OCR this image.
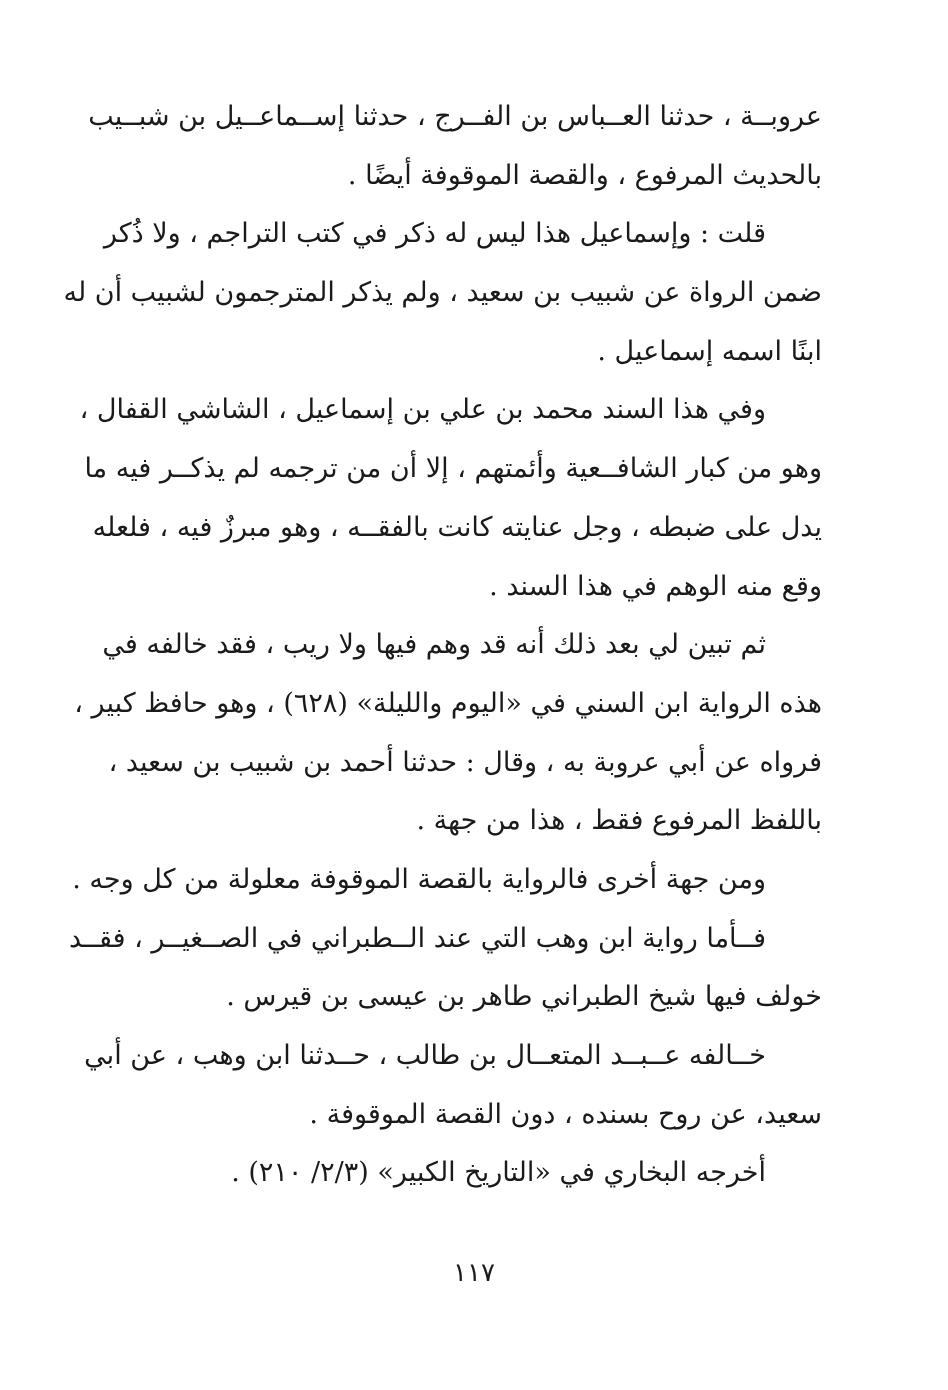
عروبــة ، حدثنا العــباس بن الفــرج ، حدثنا إســماعــيل بن شبــيب
بالحديث المرفوع ، والقصة الموقوفة أيضًا .
قلت : وإسماعيل هذا ليس له ذكر في كتب التراجم ، ولا ذُكر
ضمن الرواة عن شبيب بن سعيد ، ولم يذكر المترجمون لشبيب أن له
ابنًا اسمه إسماعيل .
وفي هذا السند محمد بن علي بن إسماعيل ، الشاشي القفال ،
وهو من كبار الشافــعية وأئمتهم ، إلا أن من ترجمه لم يذكــر فيه ما
يدل على ضبطه ، وجل عنايته كانت بالفقــه ، وهو مبرزٌ فيه ، فلعله
وقع منه الوهم في هذا السند .
ثم تبين لي بعد ذلك أنه قد وهم فيها ولا ريب ، فقد خالفه في
هذه الرواية ابن السني في «اليوم والليلة» (٦٢٨) ، وهو حافظ كبير ،
فرواه عن أبي عروبة به ، وقال : حدثنا أحمد بن شبيب بن سعيد ،
باللفظ المرفوع فقط ، هذا من جهة .
ومن جهة أخرى فالرواية بالقصة الموقوفة معلولة من كل وجه .
فــأما رواية ابن وهب التي عند الــطبراني في الصــغيــر ، فقــد
خولف فيها شيخ الطبراني طاهر بن عيسى بن قيرس .
خــالفه عــبــد المتعــال بن طالب ، حــدثنا ابن وهب ، عن أبي
سعيد، عن روح بسنده ، دون القصة الموقوفة .
أخرجه البخاري في «التاريخ الكبير» (٢/٣/ ٢١٠) .
١١٧
